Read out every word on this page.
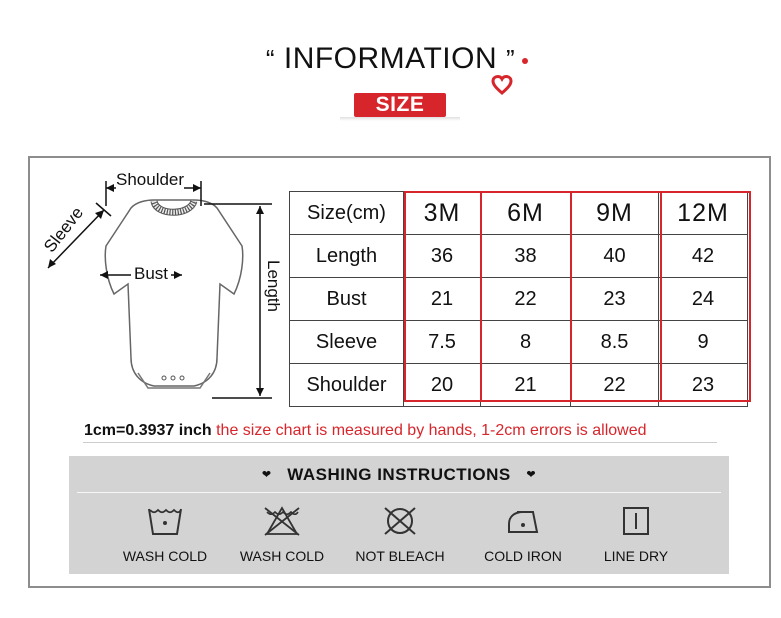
“ INFORMATION ”
SIZE
Shoulder
Sleeve
Bust	Length
Size(cm)	3M	6M	9M	12M
Length	36	38	40	42
Bust	21	22	23	24
Sleeve	7.5	8	8.5	9
Shoulder	20	21	22	23
1cm=0.3937 inch the size chart is measured by hands, 1-2cm errors is allowed
❤ WASHING INSTRUCTIONS ❤
WASH COLD	WASH COLD	NOT BLEACH	COLD IRON	LINE DRY
